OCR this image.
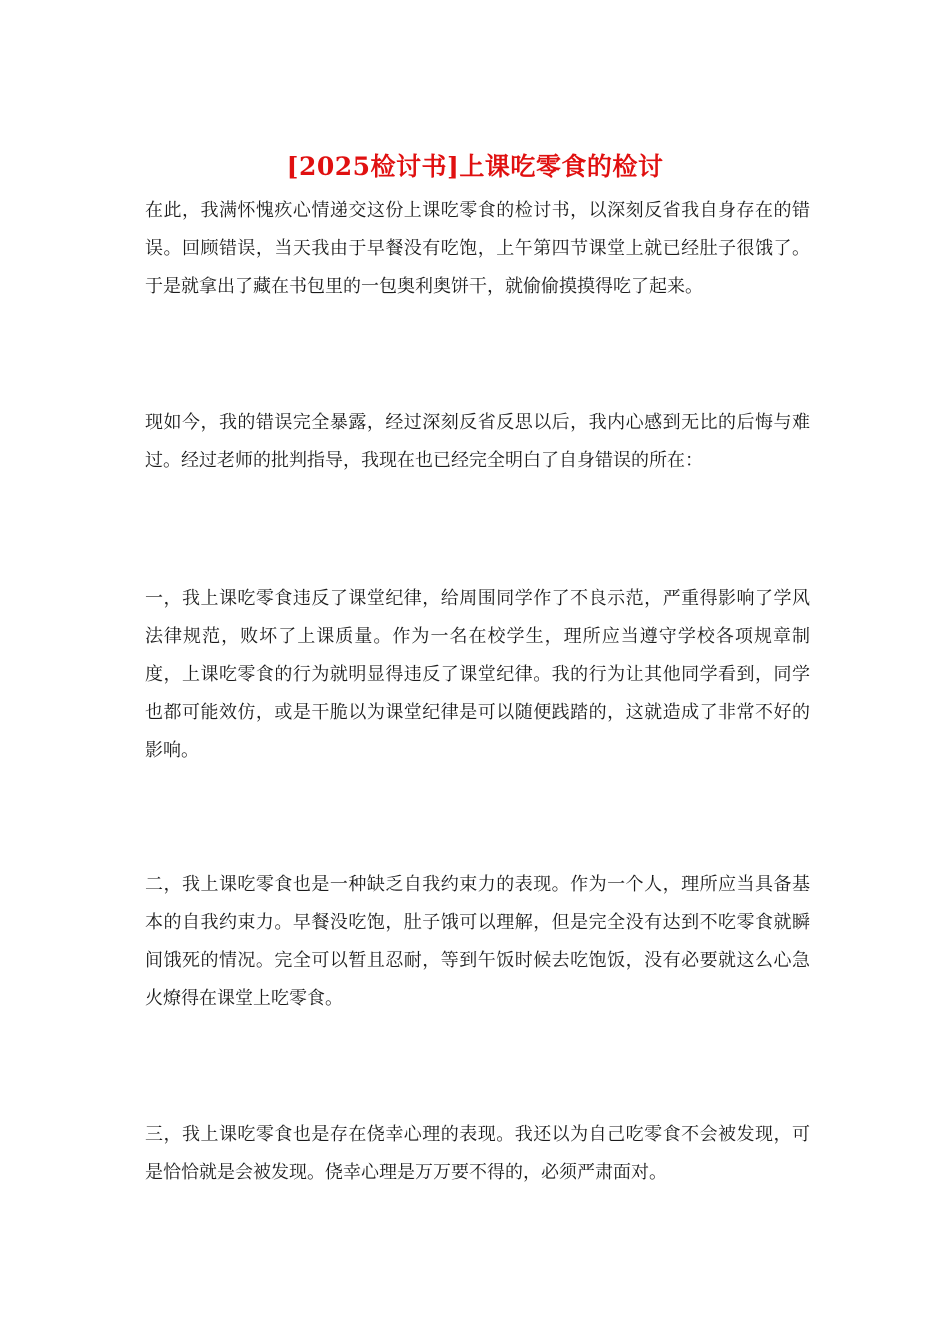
[2025检讨书]上课吃零食的检讨

在此，我满怀愧疚心情递交这份上课吃零食的检讨书，以深刻反省我自身存在的错误。回顾错误，当天我由于早餐没有吃饱，上午第四节课堂上就已经肚子很饿了。于是就拿出了藏在书包里的一包奥利奥饼干，就偷偷摸摸得吃了起来。

现如今，我的错误完全暴露，经过深刻反省反思以后，我内心感到无比的后悔与难过。经过老师的批判指导，我现在也已经完全明白了自身错误的所在：

一，我上课吃零食违反了课堂纪律，给周围同学作了不良示范，严重得影响了学风法律规范，败坏了上课质量。作为一名在校学生，理所应当遵守学校各项规章制度，上课吃零食的行为就明显得违反了课堂纪律。我的行为让其他同学看到，同学也都可能效仿，或是干脆以为课堂纪律是可以随便践踏的，这就造成了非常不好的影响。

二，我上课吃零食也是一种缺乏自我约束力的表现。作为一个人，理所应当具备基本的自我约束力。早餐没吃饱，肚子饿可以理解，但是完全没有达到不吃零食就瞬间饿死的情况。完全可以暂且忍耐，等到午饭时候去吃饱饭，没有必要就这么心急火燎得在课堂上吃零食。

三，我上课吃零食也是存在侥幸心理的表现。我还以为自己吃零食不会被发现，可是恰恰就是会被发现。侥幸心理是万万要不得的，必须严肃面对。
